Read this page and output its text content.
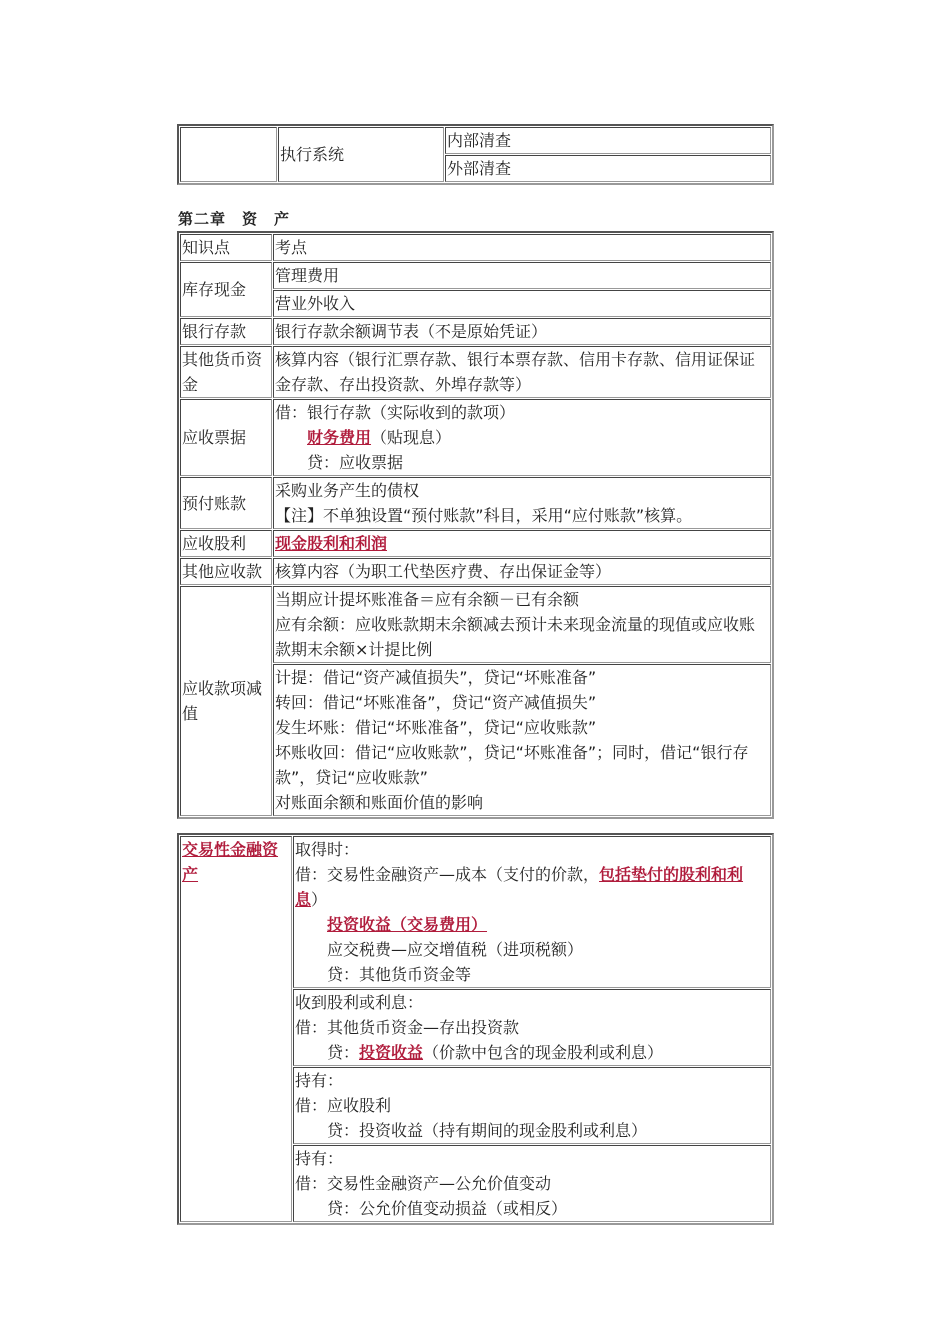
	执行系统	内部清查
外部清查
第二章　资　产
知识点	考点

库存现金	管理费用

	营业外收入

银行存款	银行存款余额调节表（不是原始凭证）

其他货币资金	核算内容（银行汇票存款、银行本票存款、信用卡存款、信用证保证金存款、存出投资款、外埠存款等）

应收票据	借：银行存款（实际收到的款项）
财务费用（贴现息）
贷：应收票据

预付账款	采购业务产生的债权
【注】不单独设置“预付账款”科目，采用“应付账款”核算。

应收股利	现金股利和利润

其他应收款	核算内容（为职工代垫医疗费、存出保证金等）

应收款项减值	当期应计提坏账准备＝应有余额－已有余额
应有余额：应收账款期末余额减去预计未来现金流量的现值或应收账款期末余额×计提比例

	计提：借记“资产减值损失”，贷记“坏账准备”
转回：借记“坏账准备”，贷记“资产减值损失”
发生坏账：借记“坏账准备”，贷记“应收账款”
坏账收回：借记“应收账款”，贷记“坏账准备”；同时，借记“银行存款”，贷记“应收账款”
对账面余额和账面价值的影响
交易性金融资产	
取得时：
借：交易性金融资产—成本（支付的价款，包括垫付的股利和利息）
投资收益（交易费用）
应交税费—应交增值税（进项税额）
贷：其他货币资金等

收到股利或利息：
借：其他货币资金—存出投资款
贷：投资收益（价款中包含的现金股利或利息）

持有：
借：应收股利
贷：投资收益（持有期间的现金股利或利息）

持有：
借：交易性金融资产—公允价值变动
贷：公允价值变动损益（或相反）
